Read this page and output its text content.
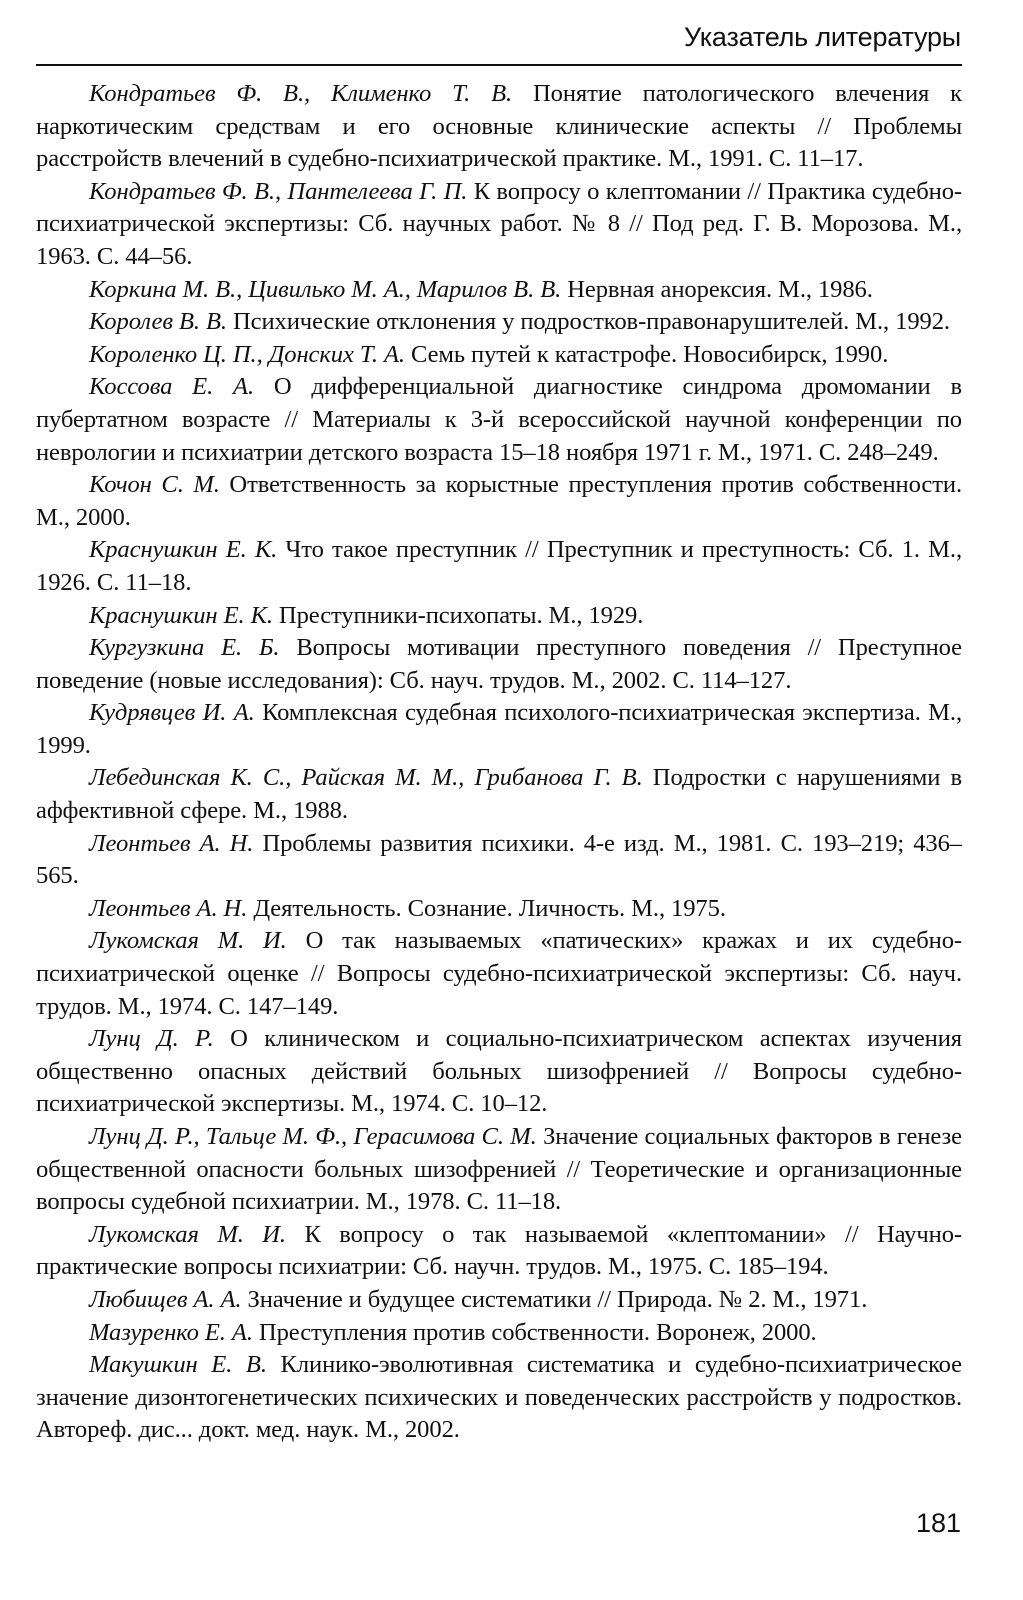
Указатель литературы

Кондратьев Ф. В., Клименко Т. В. Понятие патологического влечения к наркотическим средствам и его основные клинические аспекты // Проблемы расстройств влечений в судебно-психиатрической практике. М., 1991. С. 11–17.

Кондратьев Ф. В., Пантелеева Г. П. К вопросу о клептомании // Практика судебно-психиатрической экспертизы: Сб. научных работ. № 8 // Под ред. Г. В. Морозова. М., 1963. С. 44–56.

Коркина М. В., Цивилько М. А., Марилов В. В. Нервная анорексия. М., 1986.

Королев В. В. Психические отклонения у подростков-правонарушителей. М., 1992.

Короленко Ц. П., Донских Т. А. Семь путей к катастрофе. Новосибирск, 1990.

Коссова Е. А. О дифференциальной диагностике синдрома дромомании в пубертатном возрасте // Материалы к 3-й всероссийской научной конференции по неврологии и психиатрии детского возраста 15–18 ноября 1971 г. М., 1971. С. 248–249.

Кочон С. М. Ответственность за корыстные преступления против собственности. М., 2000.

Краснушкин Е. К. Что такое преступник // Преступник и преступность: Сб. 1. М., 1926. С. 11–18.

Краснушкин Е. К. Преступники-психопаты. М., 1929.

Кургузкина Е. Б. Вопросы мотивации преступного поведения // Преступное поведение (новые исследования): Сб. науч. трудов. М., 2002. С. 114–127.

Кудрявцев И. А. Комплексная судебная психолого-психиатрическая экспертиза. М., 1999.

Лебединская К. С., Райская М. М., Грибанова Г. В. Подростки с нарушениями в аффективной сфере. М., 1988.

Леонтьев А. Н. Проблемы развития психики. 4-е изд. М., 1981. С. 193–219; 436–565.

Леонтьев А. Н. Деятельность. Сознание. Личность. М., 1975.

Лукомская М. И. О так называемых «патических» кражах и их судебно-психиатрической оценке // Вопросы судебно-психиатрической экспертизы: Сб. науч. трудов. М., 1974. С. 147–149.

Лунц Д. Р. О клиническом и социально-психиатрическом аспектах изучения общественно опасных действий больных шизофренией // Вопросы судебно-психиатрической экспертизы. М., 1974. С. 10–12.

Лунц Д. Р., Тальце М. Ф., Герасимова С. М. Значение социальных факторов в генезе общественной опасности больных шизофренией // Теоретические и организационные вопросы судебной психиатрии. М., 1978. С. 11–18.

Лукомская М. И. К вопросу о так называемой «клептомании» // Научно-практические вопросы психиатрии: Сб. научн. трудов. М., 1975. С. 185–194.

Любищев А. А. Значение и будущее систематики // Природа. № 2. М., 1971.

Мазуренко Е. А. Преступления против собственности. Воронеж, 2000.

Макушкин Е. В. Клинико-эволютивная систематика и судебно-психиатрическое значение дизонтогенетических психических и поведенческих расстройств у подростков. Автореф. дис... докт. мед. наук. М., 2002.

181
